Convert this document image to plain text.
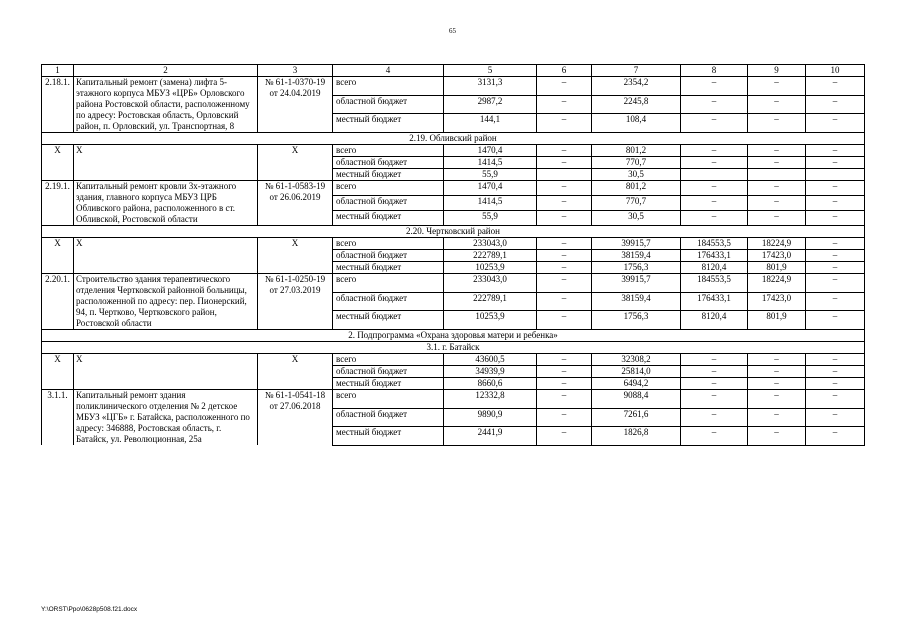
65
1	2	3	4	5	6	7	8	9	10
2.18.1.	Капитальный ремонт (замена) лифта 5-этажного корпуса МБУЗ «ЦРБ» Орловского района Ростовской области, расположенному по адресу: Ростовская область, Орловский район, п. Орловский, ул. Транспортная, 8	№ 61-1-0370-19 от 24.04.2019	всего	3131,3	–	2354,2	–	–	–
			областной бюджет	2987,2	–	2245,8	–	–	–
			местный бюджет	144,1	–	108,4	–	–	–
2.19. Обливский район									
Х	Х	Х	всего	1470,4	–	801,2	–	–	–
			областной бюджет	1414,5	–	770,7	–	–	–
			местный бюджет	55,9		30,5			
2.19.1.	Капитальный ремонт кровли 3х-этажного здания, главного корпуса МБУЗ ЦРБ Обливского района, расположенного в ст. Обливской, Ростовской области	№ 61-1-0583-19 от 26.06.2019	всего	1470,4	–	801,2	–	–	–
			областной бюджет	1414,5	–	770,7	–	–	–
			местный бюджет	55,9	–	30,5	–	–	–
2.20. Чертковский район									
Х	Х	Х	всего	233043,0	–	39915,7	184553,5	18224,9	–
			областной бюджет	222789,1	–	38159,4	176433,1	17423,0	–
			местный бюджет	10253,9	–	1756,3	8120,4	801,9	–
2.20.1.	Строительство здания терапевтического отделения Чертковской районной больницы, расположенной по адресу: пер. Пионерский, 94, п. Чертково, Чертковского район, Ростовской области	№ 61-1-0250-19 от 27.03.2019	всего	233043,0	–	39915,7	184553,5	18224,9	–
			областной бюджет	222789,1	–	38159,4	176433,1	17423,0	–
			местный бюджет	10253,9	–	1756,3	8120,4	801,9	–
2. Подпрограмма «Охрана здоровья матери и ребенка»									
3.1. г. Батайск									
Х	Х	Х	всего	43600,5	–	32308,2	–	–	–
			областной бюджет	34939,9	–	25814,0	–	–	–
			местный бюджет	8660,6	–	6494,2	–	–	–
3.1.1.	Капитальный ремонт здания поликлинического отделения № 2 детское МБУЗ «ЦГБ» г. Батайска, расположенного по адресу: 346888, Ростовская область, г. Батайск, ул. Революционная, 25а	№ 61-1-0541-18 от 27.06.2018	всего	12332,8	–	9088,4	–	–	–
			областной бюджет	9890,9	–	7261,6	–	–	–
			местный бюджет	2441,9	–	1826,8	–	–	–
Y:\ORST\Ppo\0628p508.f21.docx
